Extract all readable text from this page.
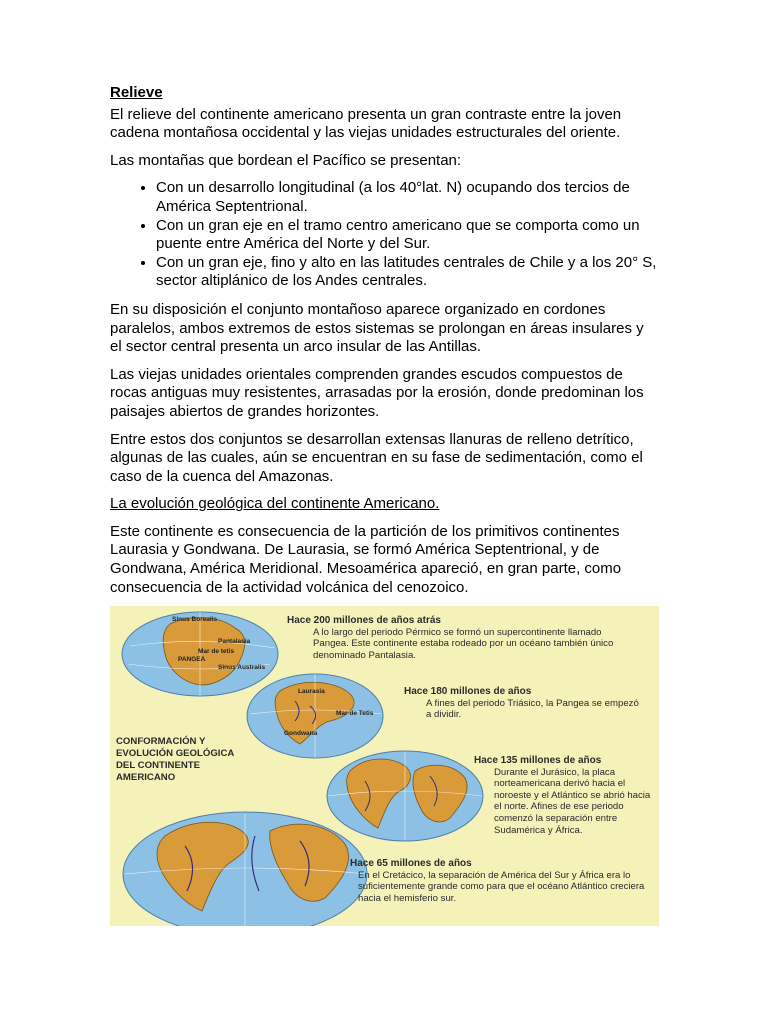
Relieve

El relieve del continente americano presenta un gran contraste entre la joven cadena montañosa occidental y las viejas unidades estructurales del oriente.

Las montañas que bordean el Pacífico se presentan:

• Con un desarrollo longitudinal (a los 40°lat. N) ocupando dos tercios de América Septentrional.
• Con un gran eje en el tramo centro americano que se comporta como un puente entre América del Norte y del Sur.
• Con un gran eje, fino y alto en las latitudes centrales de Chile y a los 20° S, sector altiplánico de los Andes centrales.

En su disposición el conjunto montañoso aparece organizado en cordones paralelos, ambos extremos de estos sistemas se prolongan en áreas insulares y el sector central presenta un arco insular de las Antillas.

Las viejas unidades orientales comprenden grandes escudos compuestos de rocas antiguas muy resistentes, arrasadas por la erosión, donde predominan los paisajes abiertos de grandes horizontes.

Entre estos dos conjuntos se desarrollan extensas llanuras de relleno detrítico, algunas de las cuales, aún se encuentran en su fase de sedimentación, como el caso de la cuenca del Amazonas.

La evolución geológica del continente Americano.

Este continente es consecuencia de la partición de los primitivos continentes Laurasia y Gondwana. De Laurasia, se formó América Septentrional, y de Gondwana, América Meridional. Mesoamérica apareció, en gran parte, como consecuencia de la actividad volcánica del cenozoico.

Sinus Borealis
Pantalasia
Mar de tetis
PANGEA
Sinus Australis
Laurasia
Mar de Tetis
Gondwana
Hace 200 millones de años atrás
A lo largo del periodo Pérmico se formó un supercontinente llamado Pangea. Este continente estaba rodeado por un océano también único denominado Pantalasia.
Hace 180 millones de años
A fines del periodo Triásico, la Pangea se empezó a dividir.
CONFORMACIÓN Y EVOLUCIÓN GEOLÓGICA DEL CONTINENTE AMERICANO
Hace 135 millones de años
Durante el Jurásico, la placa norteamericana derivó hacia el noroeste y el Atlántico se abrió hacia el norte. Afines de ese periodo comenzó la separación entre Sudamérica y África.
Hace 65 millones de años
En el Cretácico, la separación de América del Sur y África era lo suficientemente grande como para que el océano Atlántico creciera hacia el hemisferio sur.
